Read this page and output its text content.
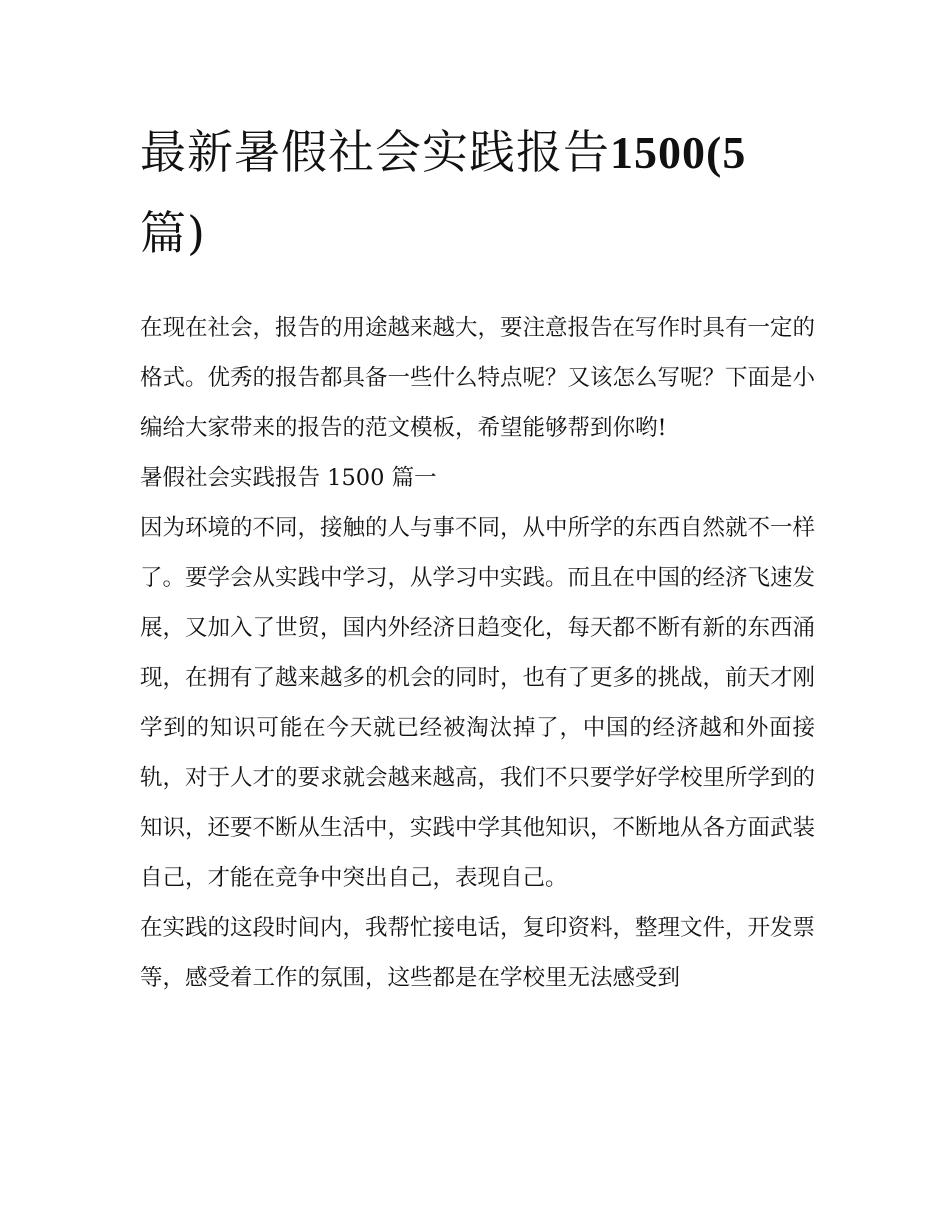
最新暑假社会实践报告1500(5
篇)

在现在社会，报告的用途越来越大，要注意报告在写作时具有一定的格式。优秀的报告都具备一些什么特点呢？又该怎么写呢？下面是小编给大家带来的报告的范文模板，希望能够帮到你哟!

暑假社会实践报告 1500 篇一

因为环境的不同，接触的人与事不同，从中所学的东西自然就不一样了。要学会从实践中学习，从学习中实践。而且在中国的经济飞速发展，又加入了世贸，国内外经济日趋变化，每天都不断有新的东西涌现，在拥有了越来越多的机会的同时，也有了更多的挑战，前天才刚学到的知识可能在今天就已经被淘汰掉了，中国的经济越和外面接轨，对于人才的要求就会越来越高，我们不只要学好学校里所学到的知识，还要不断从生活中，实践中学其他知识，不断地从各方面武装自己，才能在竞争中突出自己，表现自己。

在实践的这段时间内，我帮忙接电话，复印资料，整理文件，开发票等，感受着工作的氛围，这些都是在学校里无法感受到
